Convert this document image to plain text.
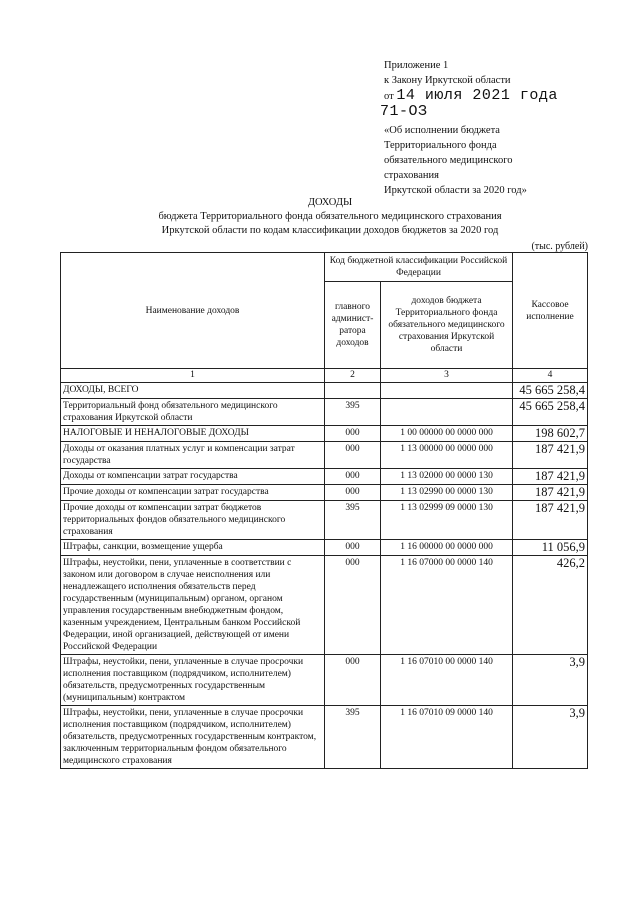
Приложение 1
к Закону Иркутской области
от 14 июля 2021 года
71-ОЗ
«Об исполнении бюджета
Территориального фонда
обязательного медицинского
страхования
Иркутской области за 2020 год»
ДОХОДЫ
бюджета Территориального фонда обязательного медицинского страхования
Иркутской области по кодам классификации доходов бюджетов за 2020 год
(тыс. рублей)
Наименование доходов	Код бюджетной классификации Российской Федерации		Кассовое исполнение
	главного админист-ратора доходов	доходов бюджета Территориального фонда обязательного медицинского страхования Иркутской области	
1	2	3	4
ДОХОДЫ, ВСЕГО			45 665 258,4
Территориальный фонд обязательного медицинского страхования Иркутской области	395		45 665 258,4
НАЛОГОВЫЕ И НЕНАЛОГОВЫЕ ДОХОДЫ	000	1 00 00000 00 0000 000	198 602,7
Доходы от оказания платных услуг и компенсации затрат государства	000	1 13 00000 00 0000 000	187 421,9
Доходы от компенсации затрат государства	000	1 13 02000 00 0000 130	187 421,9
Прочие доходы от компенсации затрат государства	000	1 13 02990 00 0000 130	187 421,9
Прочие доходы от компенсации затрат бюджетов территориальных фондов обязательного медицинского страхования	395	1 13 02999 09 0000 130	187 421,9
Штрафы, санкции, возмещение ущерба	000	1 16 00000 00 0000 000	11 056,9
Штрафы, неустойки, пени, уплаченные в соответствии с законом или договором в случае неисполнения или ненадлежащего исполнения обязательств перед государственным (муниципальным) органом, органом управления государственным внебюджетным фондом, казенным учреждением, Центральным банком Российской Федерации, иной организацией, действующей от имени Российской Федерации	000	1 16 07000 00 0000 140	426,2
Штрафы, неустойки, пени, уплаченные в случае просрочки исполнения поставщиком (подрядчиком, исполнителем) обязательств, предусмотренных государственным (муниципальным) контрактом	000	1 16 07010 00 0000 140	3,9
Штрафы, неустойки, пени, уплаченные в случае просрочки исполнения поставщиком (подрядчиком, исполнителем) обязательств, предусмотренных государственным контрактом, заключенным территориальным фондом обязательного медицинского страхования	395	1 16 07010 09 0000 140	3,9
